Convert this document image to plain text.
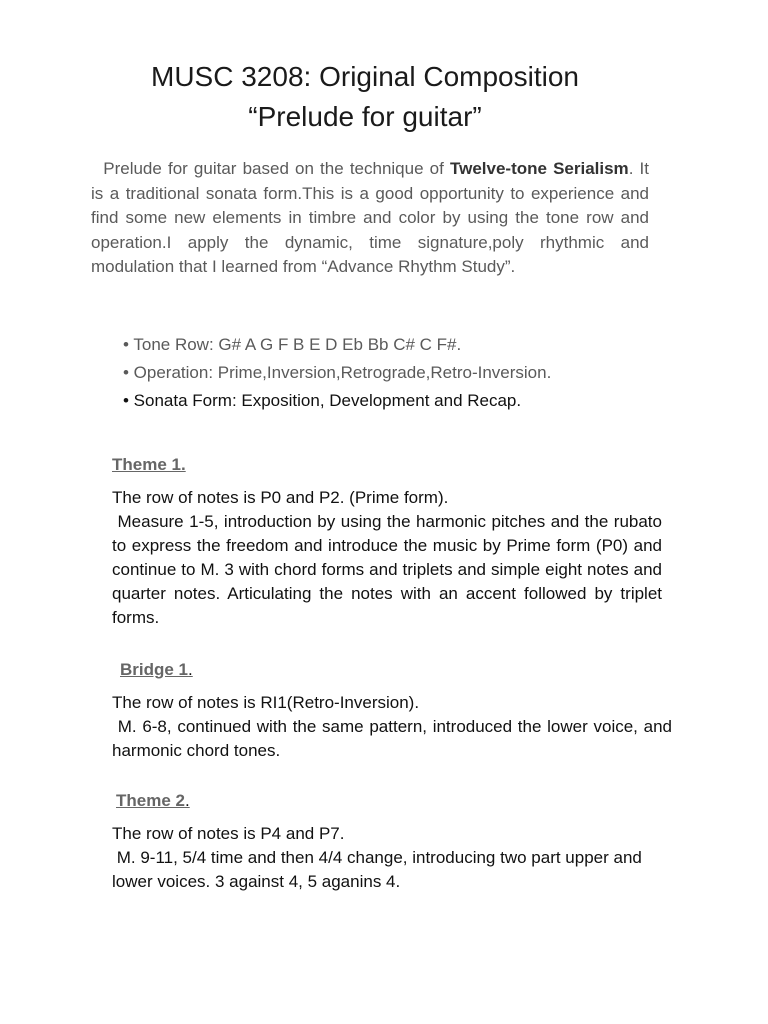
MUSC 3208: Original Composition
“Prelude for guitar”

Prelude for guitar based on the technique of Twelve-tone Serialism. It is a traditional sonata form.This is a good opportunity to experience and find some new elements in timbre and color by using the tone row and operation.I apply the dynamic, time signature,poly rhythmic and modulation that I learned from “Advance Rhythm Study”.

• Tone Row: G# A G F B E D Eb Bb C# C F#.
• Operation: Prime,Inversion,Retrograde,Retro-Inversion.
• Sonata Form: Exposition, Development and Recap.

Theme 1.

The row of notes is P0 and P2. (Prime form).

Measure 1-5, introduction by using the harmonic pitches and the rubato to express the freedom and introduce the music by Prime form (P0) and continue to M. 3 with chord forms and triplets and simple eight notes and quarter notes. Articulating the notes with an accent followed by triplet forms.

Bridge 1.

The row of notes is RI1(Retro-Inversion).

M. 6-8, continued with the same pattern, introduced the lower voice, and harmonic chord tones.

Theme 2.

The row of notes is P4 and P7.

M. 9-11, 5/4 time and then 4/4 change, introducing two part upper and lower voices. 3 against 4, 5 aganins 4.
